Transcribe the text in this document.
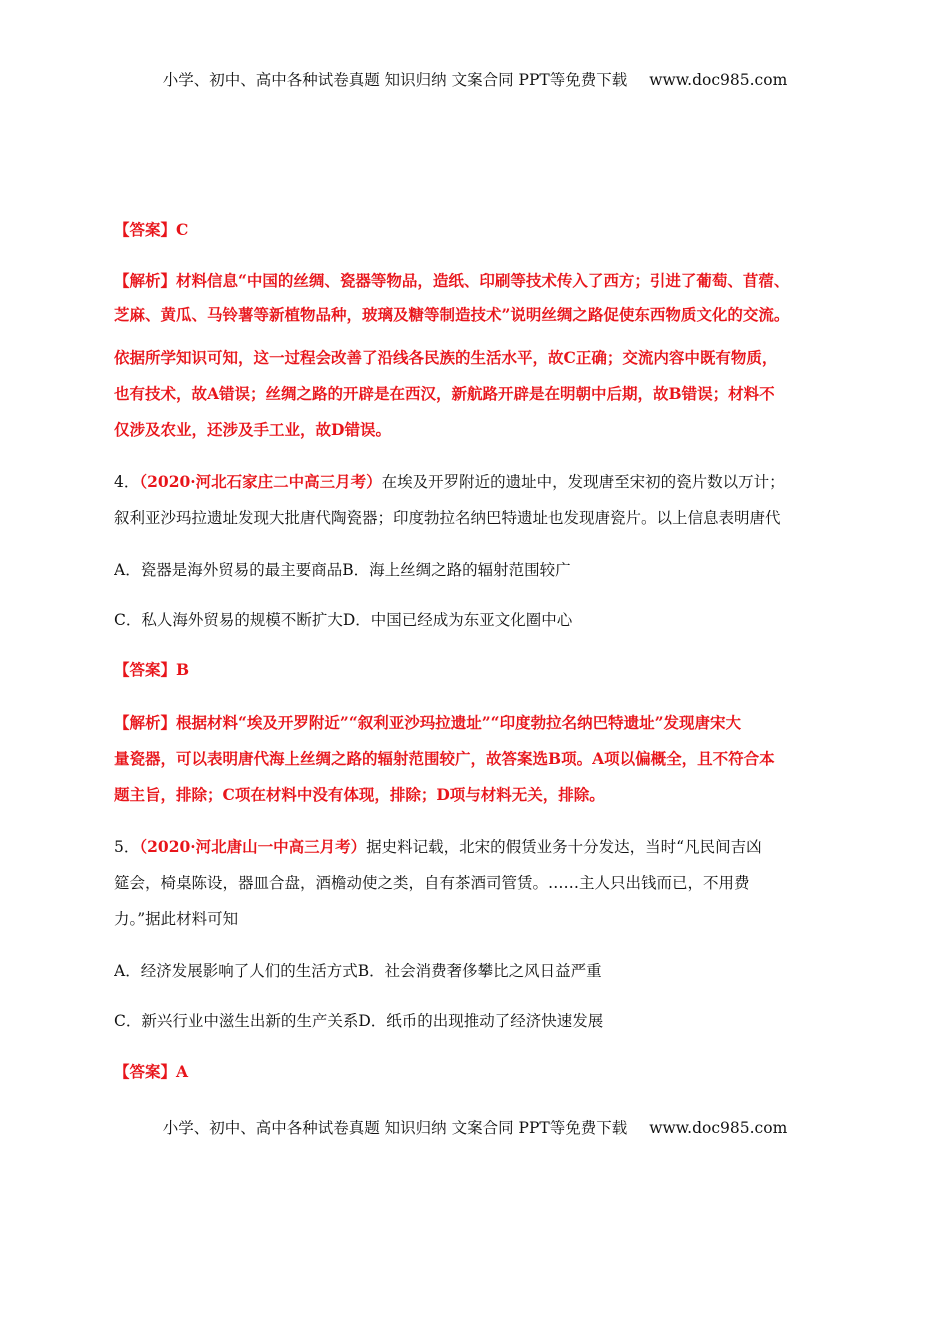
小学、初中、高中各种试卷真题 知识归纳 文案合同 PPT等免费下载 www.doc985.com
【答案】C
【解析】材料信息“中国的丝绸、瓷器等物品，造纸、印刷等技术传入了西方；引进了葡萄、苜蓿、
芝麻、黄瓜、马铃薯等新植物品种，玻璃及糖等制造技术”说明丝绸之路促使东西物质文化的交流。
依据所学知识可知，这一过程会改善了沿线各民族的生活水平，故C正确；交流内容中既有物质，
也有技术，故A错误；丝绸之路的开辟是在西汉，新航路开辟是在明朝中后期，故B错误；材料不
仅涉及农业，还涉及手工业，故D错误。
4．（2020·河北石家庄二中高三月考）在埃及开罗附近的遗址中，发现唐至宋初的瓷片数以万计；
叙利亚沙玛拉遗址发现大批唐代陶瓷器；印度勃拉名纳巴特遗址也发现唐瓷片。以上信息表明唐代
A．瓷器是海外贸易的最主要商品B．海上丝绸之路的辐射范围较广
C．私人海外贸易的规模不断扩大D．中国已经成为东亚文化圈中心
【答案】B
【解析】根据材料“埃及开罗附近”“叙利亚沙玛拉遗址”“印度勃拉名纳巴特遗址”发现唐宋大
量瓷器，可以表明唐代海上丝绸之路的辐射范围较广，故答案选B项。A项以偏概全，且不符合本
题主旨，排除；C项在材料中没有体现，排除；D项与材料无关，排除。
5．（2020·河北唐山一中高三月考）据史料记载，北宋的假赁业务十分发达，当时“凡民间吉凶
筵会，椅桌陈设，器皿合盘，酒檐动使之类，自有茶酒司管赁。……主人只出钱而已，不用费
力。”据此材料可知
A．经济发展影响了人们的生活方式B．社会消费奢侈攀比之风日益严重
C．新兴行业中滋生出新的生产关系D．纸币的出现推动了经济快速发展
【答案】A
小学、初中、高中各种试卷真题 知识归纳 文案合同 PPT等免费下载 www.doc985.com
